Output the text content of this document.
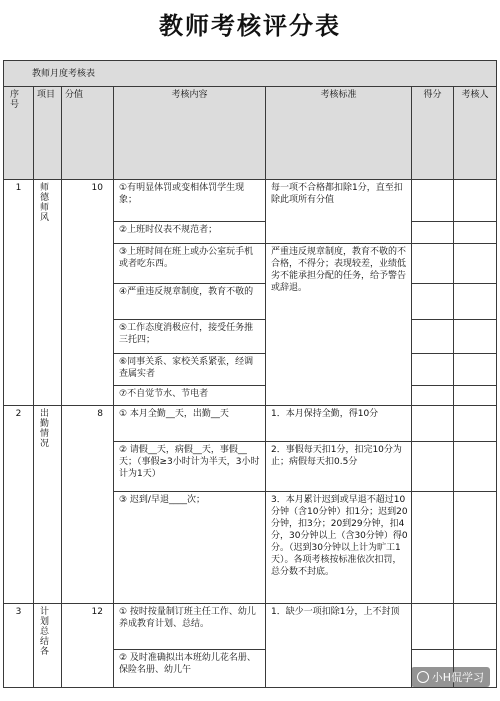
教师考核评分表
教师月度考核表						
序号	项目	分值	考核内容	考核标准	得分	考核人
1	师德师风	10	①有明显体罚或变相体罚学生现象；	每一项不合格都扣除1分，直至扣除此项所有分值		
			②上班时仪表不规范者；			
			③上班时间在班上或办公室玩手机或者吃东西。	严重违反规章制度，教育不敬的不合格，不得分；表现较差，业绩低劣不能承担分配的任务，给予警告或辞退。		
			④严重违反规章制度，教育不敬的			
			⑤工作态度消极应付，接受任务推三托四；			
			⑥同事关系、家校关系紧张，经调查属实者			
			⑦不自觉节水、节电者			
2	出勤情况	8	① 本月全勤__天，出勤__天	1．本月保持全勤，得10分		
			② 请假__天，病假__天，事假__天；（事假≥3小时计为半天，3小时计为1天）	2．事假每天扣1分，扣完10分为止；病假每天扣0.5分		
			③ 迟到/早退____次；	3．本月累计迟到或早退不超过10分钟（含10分钟）扣1分；迟到20分钟，扣3分；20到29分钟，扣4分，30分钟以上（含30分钟）得0分。（迟到30分钟以上计为旷工1天）。各项考核按标准依次扣罚，总分数不封底。		
3	计划总结各	12	① 按时按量制订班主任工作、幼儿养成教育计划、总结。	1．缺少一项扣除1分，上不封顶		
			② 及时准确拟出本班幼儿花名册、保险名册、幼儿午			
小H侃学习
